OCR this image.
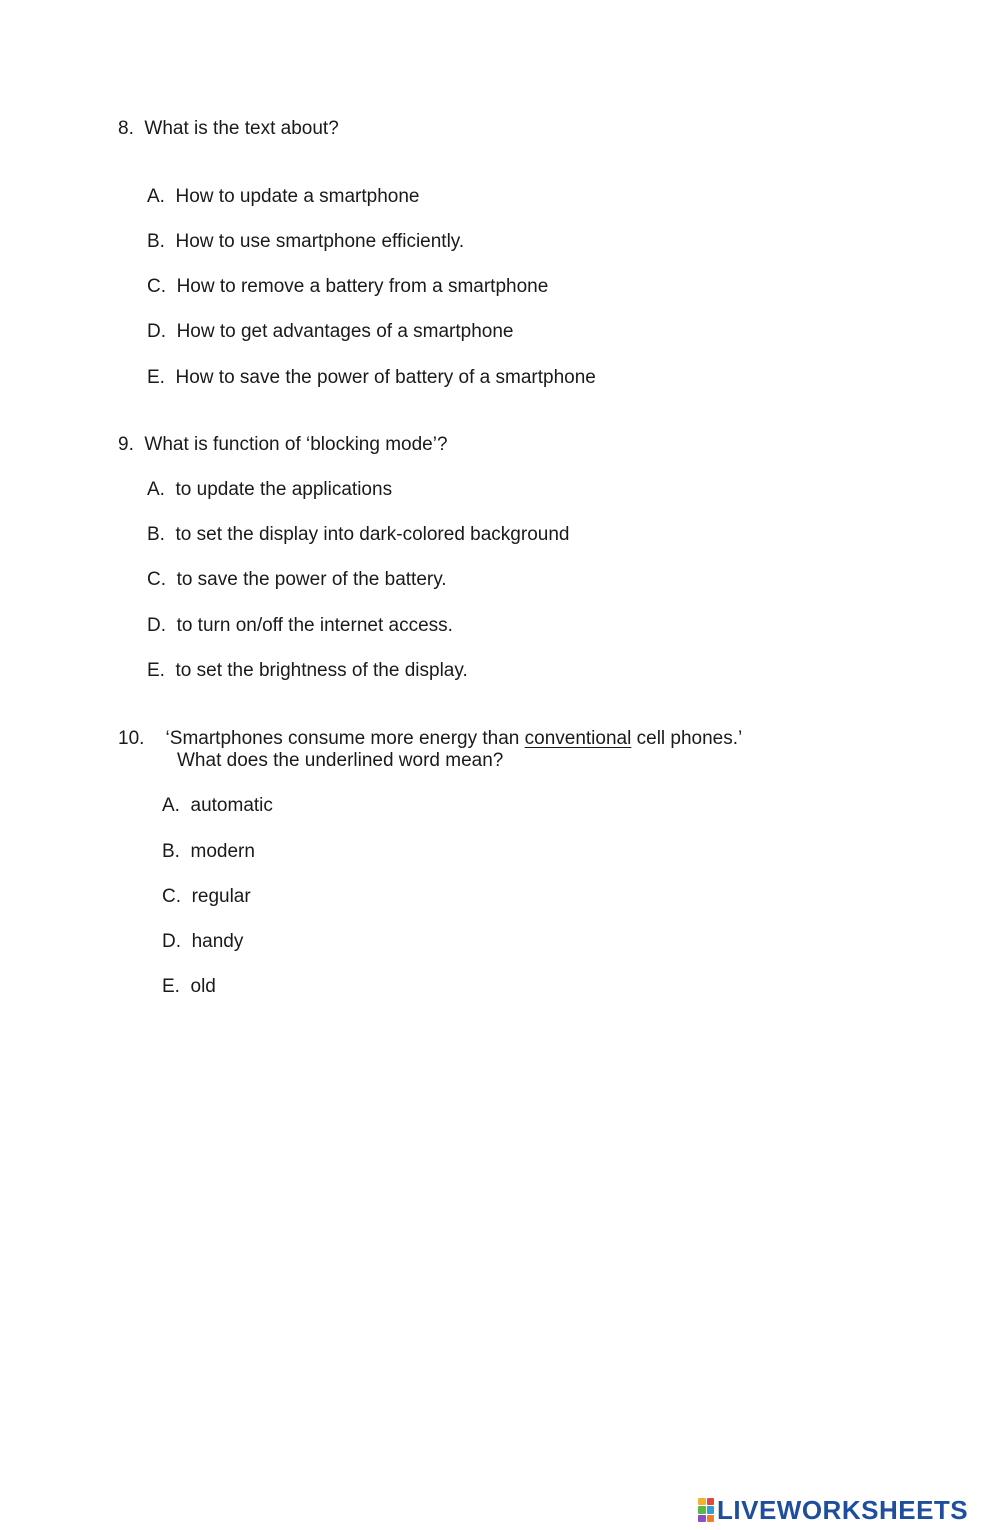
8. What is the text about?
A. How to update a smartphone
B. How to use smartphone efficiently.
C. How to remove a battery from a smartphone
D. How to get advantages of a smartphone
E. How to save the power of battery of a smartphone
9. What is function of ‘blocking mode’?
A. to update the applications
B. to set the display into dark-colored background
C. to save the power of the battery.
D. to turn on/off the internet access.
E. to set the brightness of the display.
10. ‘Smartphones consume more energy than conventional cell phones.’
What does the underlined word mean?
A. automatic
B. modern
C. regular
D. handy
E. old
LIVEWORKSHEETS
